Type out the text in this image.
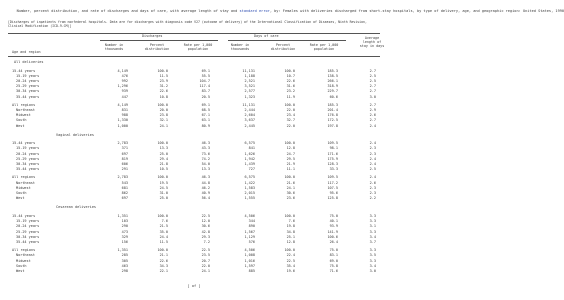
Number, percent distribution, and rate of discharges and days of care, with average length of stay and standard error, by: Females with deliveries discharged from short-stay hospitals, by type of delivery, age, and geographic region: United States, 1990

[Discharges of inpatients from nonfederal hospitals. Data are for discharges with diagnosis code V27 (outcome of delivery) of the International Classification of Diseases, Ninth Revision, Clinical Modification (ICD-9-CM)]
Discharges	Days of care	Average length of stay in days
Number in thousands
Percent distribution
Rate per 1,000 population
Number in thousands
Percent distribution
Rate per 1,000 population
Age and region
All deliveries
15-44 years	4,149	100.0	69.1	11,131	100.0	185.3	2.7
15-19 years	476	11.5	55.5	1,188	10.7	138.5	2.5
20-24 years	992	23.9	104.7	2,521	22.6	266.1	2.5
25-29 years	1,296	31.2	117.4	3,521	31.6	318.9	2.7
30-34 years	939	22.6	83.7	2,577	23.2	229.7	2.7
35-44 years	447	10.8	20.5	1,323	11.9	60.6	3.0
All regions	4,149	100.0	69.1	11,131	100.0	185.3	2.7
Northeast	831	20.0	68.5	2,444	22.0	201.4	2.9
Midwest	988	23.8	67.1	2,604	23.4	176.8	2.6
South	1,330	32.1	63.1	3,637	32.7	172.5	2.7
West	1,000	24.1	80.9	2,445	22.0	197.8	2.4
Vaginal deliveries
15-44 years	2,783	100.0	46.3	6,575	100.0	109.5	2.4
15-19 years	371	13.3	43.3	841	12.8	98.1	2.3
20-24 years	697	25.0	73.6	1,626	24.7	171.6	2.3
25-29 years	819	29.4	74.2	1,942	29.5	175.9	2.4
30-34 years	606	21.8	54.0	1,439	21.9	128.3	2.4
35-44 years	291	10.5	13.3	727	11.1	33.3	2.5
All regions	2,783	100.0	46.3	6,575	100.0	109.5	2.4
Northeast	543	19.5	44.8	1,422	21.6	117.2	2.6
Midwest	681	24.5	46.2	1,583	24.1	107.5	2.3
South	862	31.0	40.9	2,015	30.6	95.6	2.3
West	697	25.0	56.4	1,555	23.6	125.8	2.2
Cesarean deliveries
15-44 years	1,351	100.0	22.5	4,506	100.0	75.0	3.3
15-19 years	103	7.6	12.0	344	7.6	40.1	3.3
20-24 years	290	21.5	30.6	890	19.8	93.9	3.1
25-29 years	473	35.0	42.8	1,567	34.8	141.9	3.3
30-34 years	329	24.4	29.3	1,129	25.1	100.6	3.4
35-44 years	156	11.5	7.2	576	12.8	26.4	3.7
All regions	1,351	100.0	22.5	4,506	100.0	75.0	3.3
Northeast	285	21.1	23.5	1,008	22.4	83.1	3.5
Midwest	305	22.6	20.7	1,016	22.5	69.0	3.3
South	463	34.3	22.0	1,597	35.4	75.8	3.4
West	298	22.1	24.1	885	19.6	71.6	3.0
[ of ]
